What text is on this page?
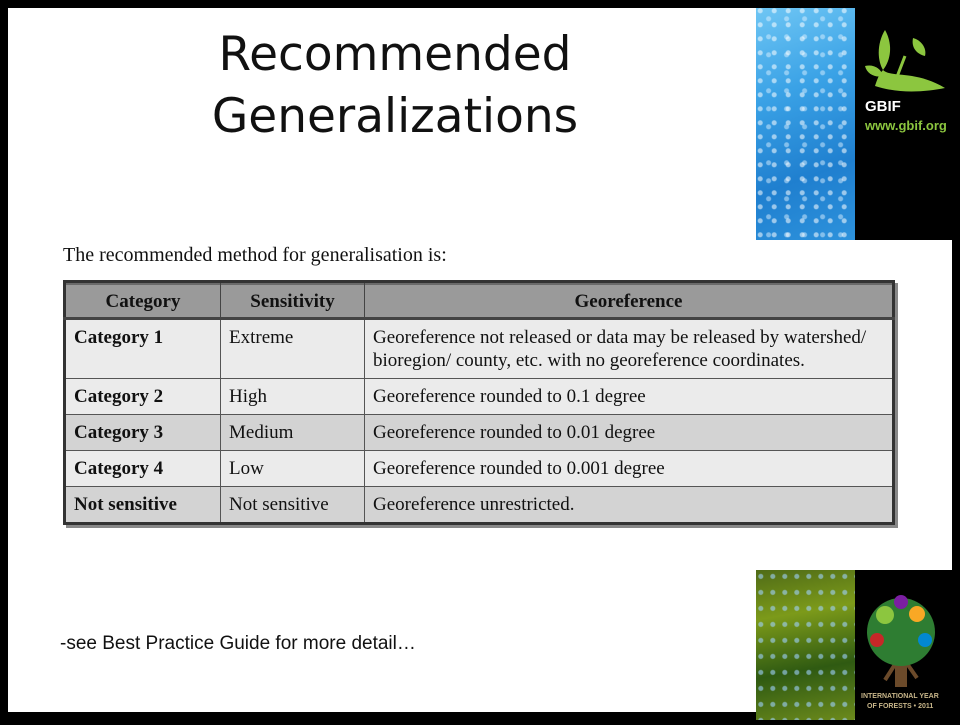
Recommended
Generalizations	GBIF
www.gbif.org
INTERNATIONAL YEAR
OF FORESTS • 2011
The recommended method for generalisation is:
Category	Sensitivity	Georeference
Category 1	Extreme	Georeference not released or data may be released by watershed/ bioregion/ county, etc. with no georeference coordinates.
Category 2	High	Georeference rounded to 0.1 degree
Category 3	Medium	Georeference rounded to 0.01 degree
Category 4	Low	Georeference rounded to 0.001 degree
Not sensitive	Not sensitive	Georeference unrestricted.
-see Best Practice Guide for more detail…
